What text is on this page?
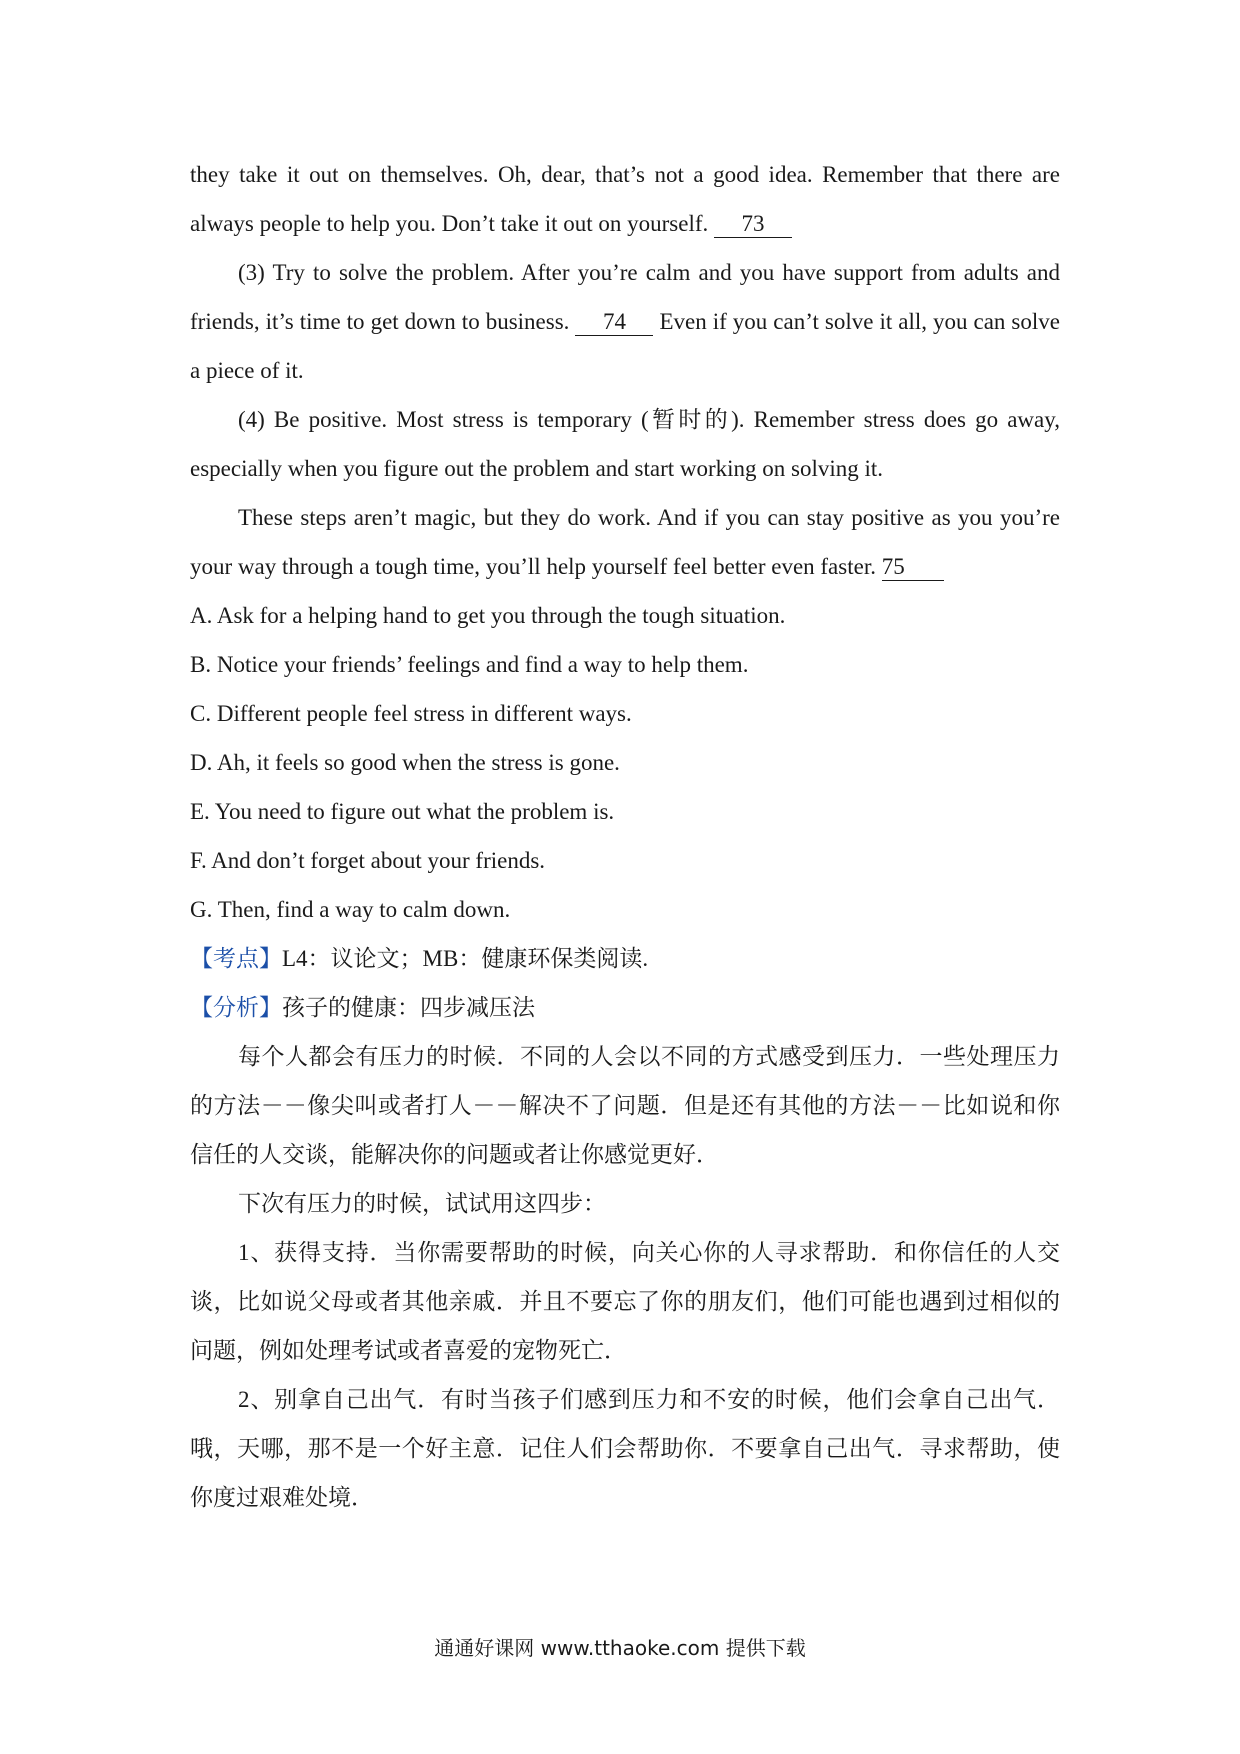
they take it out on themselves. Oh, dear, that’s not a good idea. Remember that there are always people to help you. Don’t take it out on yourself. 73

(3) Try to solve the problem. After you’re calm and you have support from adults and friends, it’s time to get down to business. 74 Even if you can’t solve it all, you can solve a piece of it.

(4) Be positive. Most stress is temporary (暂时的). Remember stress does go away, especially when you figure out the problem and start working on solving it.

These steps aren’t magic, but they do work. And if you can stay positive as you you’re your way through a tough time, you’ll help yourself feel better even faster. 75

A. Ask for a helping hand to get you through the tough situation.

B. Notice your friends’ feelings and find a way to help them.

C. Different people feel stress in different ways.

D. Ah, it feels so good when the stress is gone.

E. You need to figure out what the problem is.

F. And don’t forget about your friends.

G. Then, find a way to calm down.

【考点】L4：议论文；MB：健康环保类阅读.

【分析】孩子的健康：四步减压法

每个人都会有压力的时候．不同的人会以不同的方式感受到压力．一些处理压力的方法－－像尖叫或者打人－－解决不了问题．但是还有其他的方法－－比如说和你信任的人交谈，能解决你的问题或者让你感觉更好．

下次有压力的时候，试试用这四步：

1、获得支持．当你需要帮助的时候，向关心你的人寻求帮助．和你信任的人交谈，比如说父母或者其他亲戚．并且不要忘了你的朋友们，他们可能也遇到过相似的问题，例如处理考试或者喜爱的宠物死亡．

2、别拿自己出气．有时当孩子们感到压力和不安的时候，他们会拿自己出气．哦，天哪，那不是一个好主意．记住人们会帮助你．不要拿自己出气．寻求帮助，使你度过艰难处境．

通通好课网 www.tthaoke.com 提供下载
